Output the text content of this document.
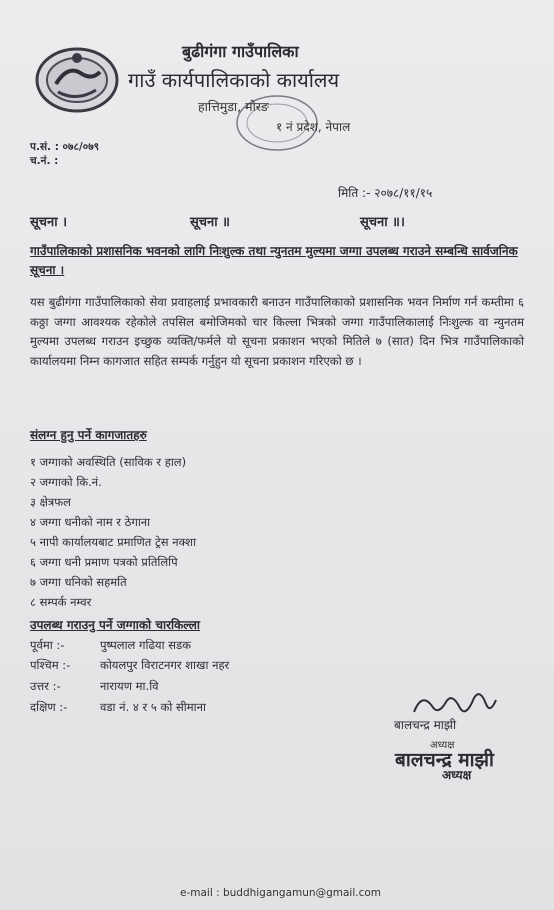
बुढीगंगा गाउँपालिका
गाउँ कार्यपालिकाको कार्यालय
हात्तिमुडा, मोरङ
१ नं प्रदेश, नेपाल
प.सं. : ०७८/०७९
च.नं. :
मिति :- २०७८/११/१५
सूचना ।	सूचना ॥	सूचना ॥।
गाउँपालिकाको प्रशासनिक भवनको लागि निःशुल्क तथा न्युनतम मुल्यमा जग्गा उपलब्ध गराउने सम्बन्धि सार्वजनिक सूचना ।
यस बुढीगंगा गाउँपालिकाको सेवा प्रवाहलाई प्रभावकारी बनाउन गाउँपालिकाको प्रशासनिक भवन निर्माण गर्न कम्तीमा ६ कठ्ठा जग्गा आवश्यक रहेकोले तपसिल बमोजिमको चार किल्ला भित्रको जग्गा गाउँपालिकालाई निःशुल्क वा न्युनतम मुल्यमा उपलब्ध गराउन इच्छुक व्यक्ति/फर्मले यो सूचना प्रकाशन भएको मितिले ७ (सात) दिन भित्र गाउँपालिकाको कार्यालयमा निम्न कागजात सहित सम्पर्क गर्नुहुन यो सूचना प्रकाशन गरिएको छ ।
संलग्न हुनु पर्ने कागजातहरु
१ जग्गाको अवस्थिति (साविक र हाल)
२ जग्गाको कि.नं.
३ क्षेत्रफल
४ जग्गा धनीको नाम र ठेगाना
५ नापी कार्यालयबाट प्रमाणित ट्रेस नक्शा
६ जग्गा धनी प्रमाण पत्रको प्रतिलिपि
७ जग्गा धनिको सहमति
८ सम्पर्क नम्वर
उपलब्ध गराउनु पर्ने जग्गाको चारकिल्ला
पूर्वमा :-	पुष्पलाल गढिया सडक
पश्चिम :-	कोयलपुर विराटनगर शाखा नहर
उत्तर :-	नारायण मा.वि
दक्षिण :-	वडा नं. ४ र ५ को सीमाना
बालचन्द्र माझी
अध्यक्ष
बालचन्द्र माझी
अध्यक्ष
e-mail : buddhigangamun@gmail.com
